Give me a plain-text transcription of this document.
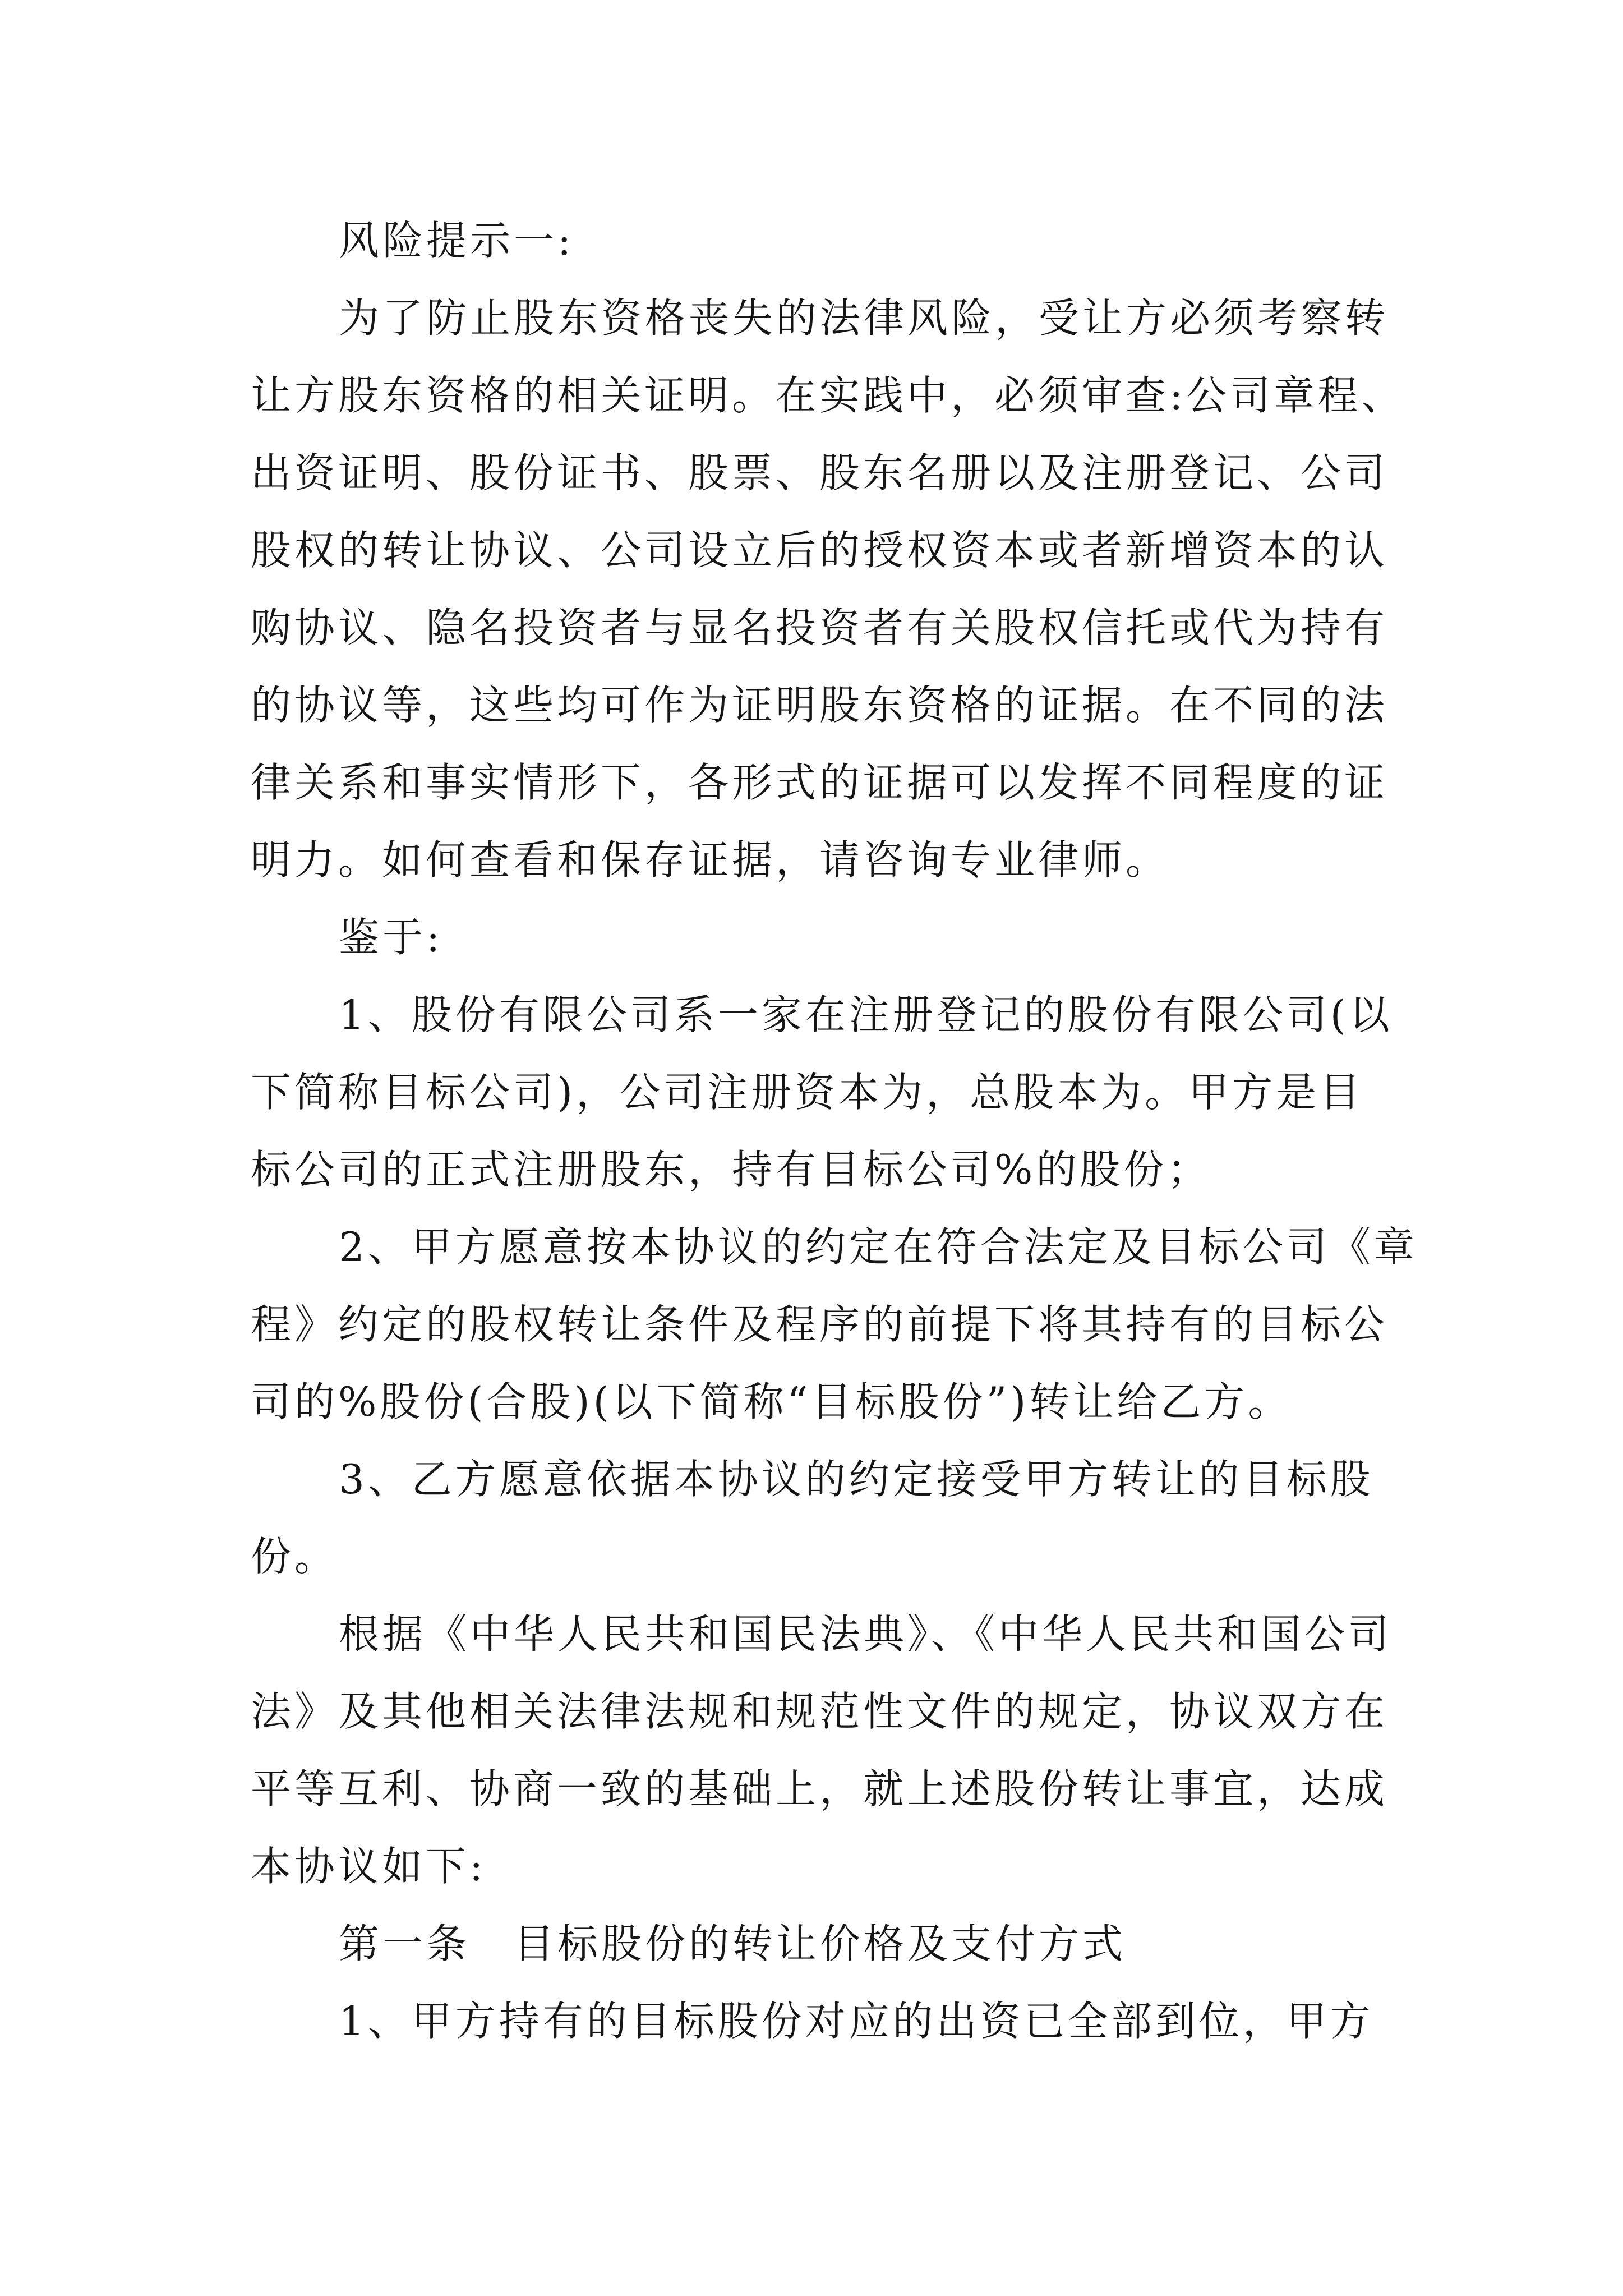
风险提示一:
为了防止股东资格丧失的法律风险，受让方必须考察转
让方股东资格的相关证明。在实践中，必须审查:公司章程、
出资证明、股份证书、股票、股东名册以及注册登记、公司
股权的转让协议、公司设立后的授权资本或者新增资本的认
购协议、隐名投资者与显名投资者有关股权信托或代为持有
的协议等，这些均可作为证明股东资格的证据。在不同的法
律关系和事实情形下，各形式的证据可以发挥不同程度的证
明力。如何查看和保存证据，请咨询专业律师。
鉴于:
1、股份有限公司系一家在注册登记的股份有限公司(以
下简称目标公司)，公司注册资本为，总股本为。甲方是目
标公司的正式注册股东，持有目标公司%的股份；
2、甲方愿意按本协议的约定在符合法定及目标公司《章
程》约定的股权转让条件及程序的前提下将其持有的目标公
司的%股份(合股)(以下简称“目标股份”)转让给乙方。
3、乙方愿意依据本协议的约定接受甲方转让的目标股
份。
根据《中华人民共和国民法典》、《中华人民共和国公司
法》及其他相关法律法规和规范性文件的规定，协议双方在
平等互利、协商一致的基础上，就上述股份转让事宜，达成
本协议如下:
第一条　目标股份的转让价格及支付方式
1、甲方持有的目标股份对应的出资已全部到位，甲方
